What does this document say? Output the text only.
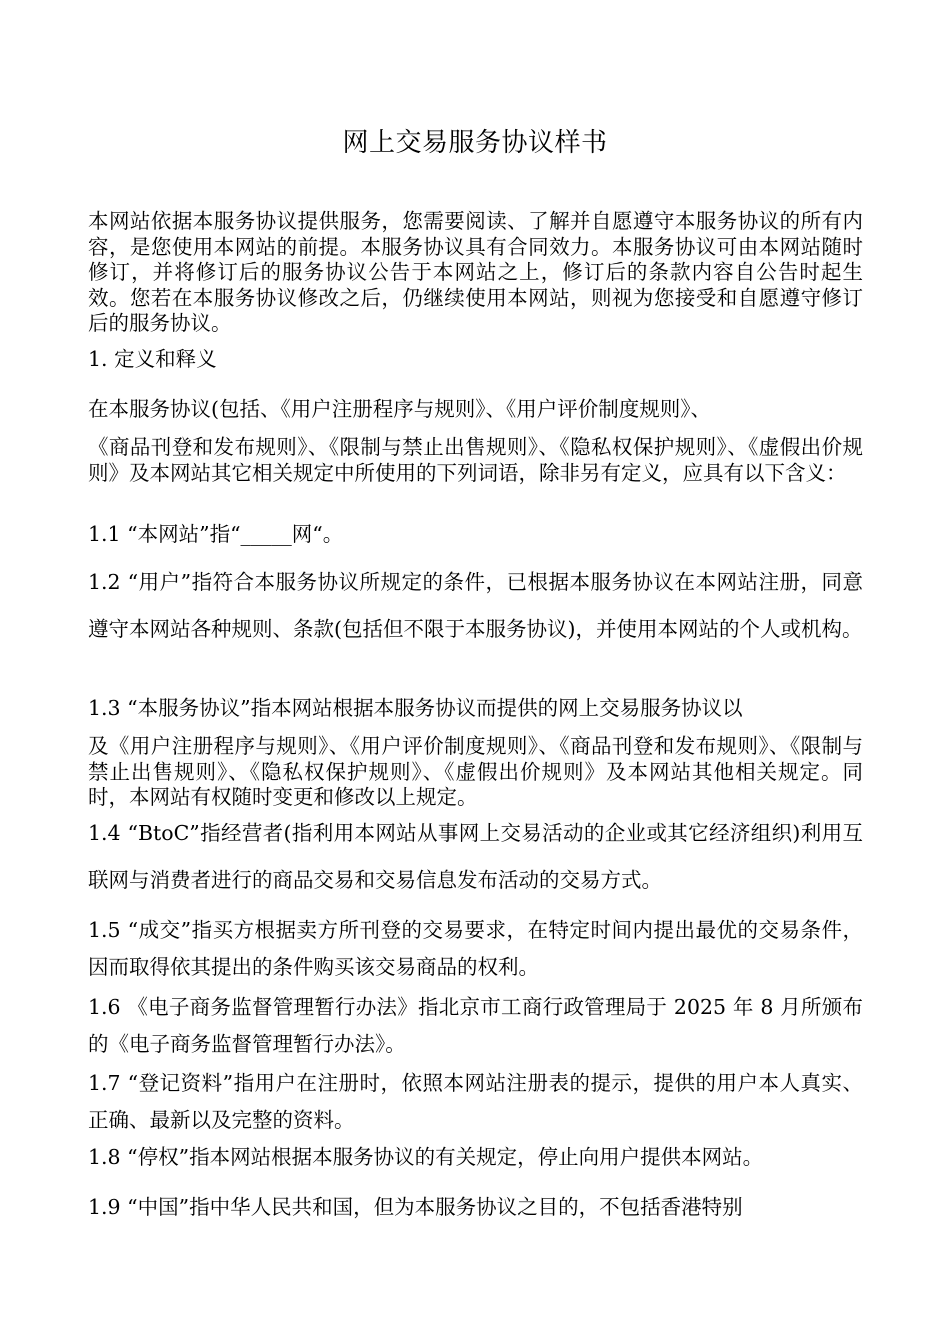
网上交易服务协议样书

本网站依据本服务协议提供服务，您需要阅读、了解并自愿遵守本服务协议的所有内容，是您使用本网站的前提。本服务协议具有合同效力。本服务协议可由本网站随时修订，并将修订后的服务协议公告于本网站之上，修订后的条款内容自公告时起生效。您若在本服务协议修改之后，仍继续使用本网站，则视为您接受和自愿遵守修订后的服务协议。

1. 定义和释义

在本服务协议(包括、《用户注册程序与规则》、《用户评价制度规则》、

《商品刊登和发布规则》、《限制与禁止出售规则》、《隐私权保护规则》、《虚假出价规则》及本网站其它相关规定中所使用的下列词语，除非另有定义，应具有以下含义：

1.1 “本网站”指“_____网“。

1.2 “用户”指符合本服务协议所规定的条件，已根据本服务协议在本网站注册，同意遵守本网站各种规则、条款(包括但不限于本服务协议)，并使用本网站的个人或机构。

1.3 “本服务协议”指本网站根据本服务协议而提供的网上交易服务协议以

及《用户注册程序与规则》、《用户评价制度规则》、《商品刊登和发布规则》、《限制与禁止出售规则》、《隐私权保护规则》、《虚假出价规则》及本网站其他相关规定。同时，本网站有权随时变更和修改以上规定。

1.4 “BtoC”指经营者(指利用本网站从事网上交易活动的企业或其它经济组织)利用互联网与消费者进行的商品交易和交易信息发布活动的交易方式。

1.5 “成交”指买方根据卖方所刊登的交易要求，在特定时间内提出最优的交易条件，因而取得依其提出的条件购买该交易商品的权利。

1.6 《电子商务监督管理暂行办法》指北京市工商行政管理局于 2025 年 8 月所颁布的《电子商务监督管理暂行办法》。

1.7 “登记资料”指用户在注册时，依照本网站注册表的提示，提供的用户本人真实、正确、最新以及完整的资料。

1.8 “停权”指本网站根据本服务协议的有关规定，停止向用户提供本网站。

1.9 “中国”指中华人民共和国，但为本服务协议之目的，不包括香港特别
